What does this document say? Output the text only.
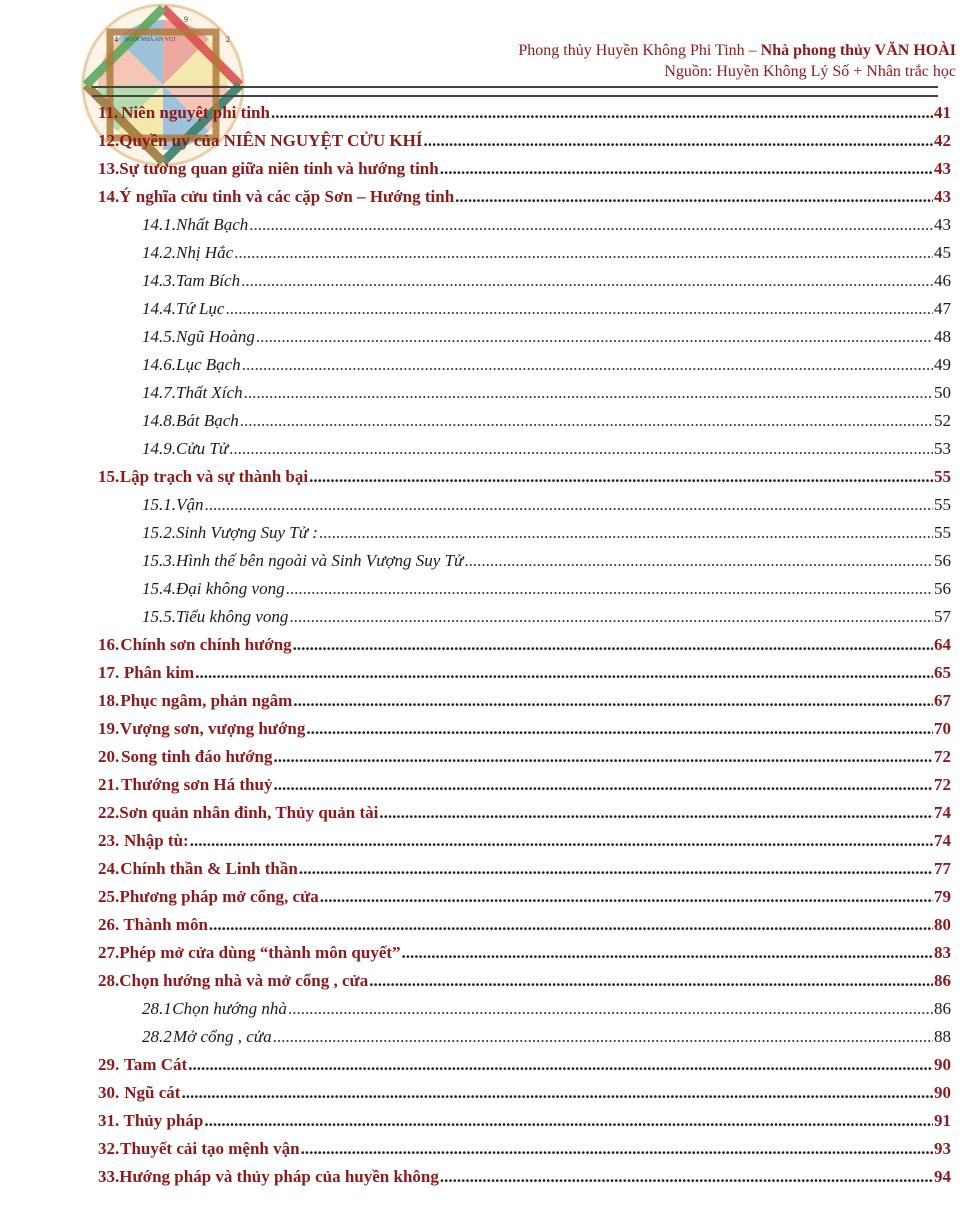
4
9
2
NGÔI NHÀ AN VUI
Phong thủy Huyền Không Phi Tinh – Nhà phong thủy VĂN HOÀI
Nguồn: Huyền Không Lý Số + Nhân trắc học
11. Niên nguyệt phi tinh .....	41
12. Quyền uy của NIÊN NGUYỆT CỬU KHÍ .....	42
13. Sự tương quan giữa niên tinh và hướng tinh .....	43
14. Ý nghĩa cửu tinh và các cặp Sơn – Hướng tinh .....	43
14.1. Nhất Bạch .....	43
14.2. Nhị Hắc .....	45
14.3. Tam Bích .....	46
14.4. Tứ Lục .....	47
14.5. Ngũ Hoàng .....	48
14.6. Lục Bạch .....	49
14.7. Thất Xích .....	50
14.8. Bát Bạch .....	52
14.9. Cửu Tử .....	53
15. Lập trạch và sự thành bại .....	55
15.1. Vận .....	55
15.2. Sinh Vượng Suy Tử : .....	55
15.3. Hình thế bên ngoài và Sinh Vượng Suy Tử .....	56
15.4. Đại không vong .....	56
15.5. Tiểu không vong .....	57
16. Chính sơn chính hướng .....	64
17. Phân kim .....	65
18. Phục ngâm, phản ngâm .....	67
19. Vượng sơn, vượng hướng .....	70
20. Song tinh đáo hướng .....	72
21. Thướng sơn Há thuỷ .....	72
22. Sơn quản nhân đinh, Thủy quản tài .....	74
23. Nhập tù: .....	74
24. Chính thần & Linh thần .....	77
25. Phương pháp mở cổng, cửa .....	79
26. Thành môn .....	80
27. Phép mở cửa dùng “thành môn quyết” .....	83
28. Chọn hướng nhà và mở cổng , cửa .....	86
28.1 Chọn hướng nhà .....	86
28.2 Mở cổng , cửa .....	88
29. Tam Cát .....	90
30. Ngũ cát .....	90
31. Thủy pháp .....	91
32. Thuyết cải tạo mệnh vận .....	93
33. Hướng pháp và thủy pháp của huyền không .....	94
